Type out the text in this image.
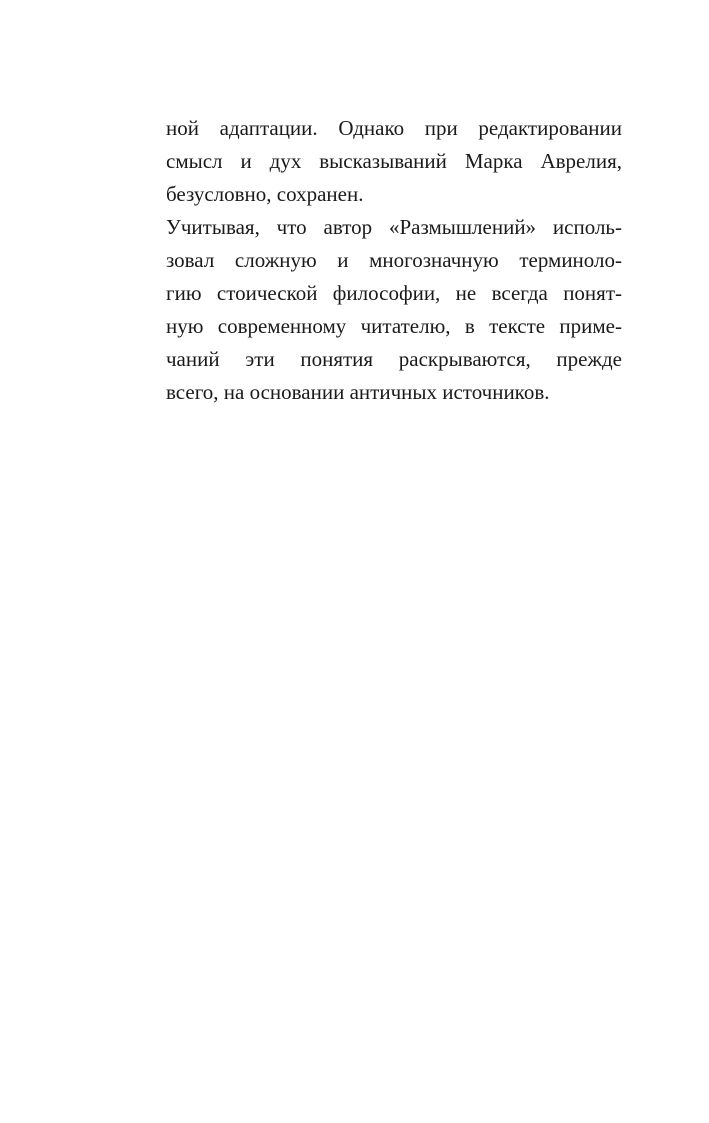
ной адаптации. Однако при редактировании
смысл и дух высказываний Марка Аврелия,
безусловно, сохранен.
Учитывая, что автор «Размышлений» исполь-
зовал сложную и многозначную терминоло-
гию стоической философии, не всегда понят-
ную современному читателю, в тексте приме-
чаний эти понятия раскрываются, прежде
всего, на основании античных источников.
